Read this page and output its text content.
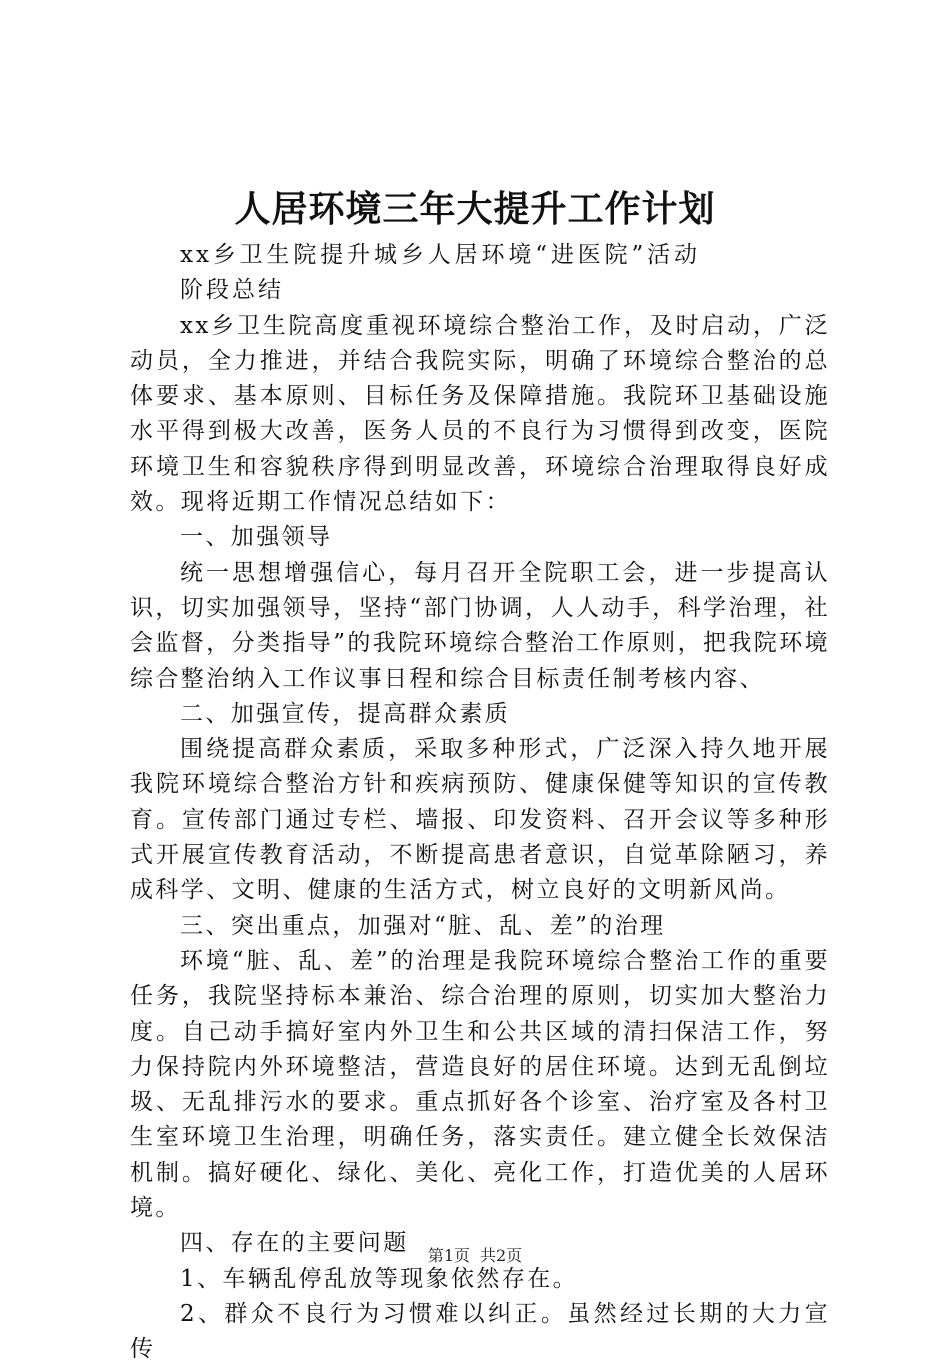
人居环境三年大提升工作计划

xx乡卫生院提升城乡人居环境“进医院”活动阶段总结

xx乡卫生院高度重视环境综合整治工作，及时启动，广泛动员，全力推进，并结合我院实际，明确了环境综合整治的总体要求、基本原则、目标任务及保障措施。我院环卫基础设施水平得到极大改善，医务人员的不良行为习惯得到改变，医院环境卫生和容貌秩序得到明显改善，环境综合治理取得良好成效。现将近期工作情况总结如下：

一、加强领导

统一思想增强信心，每月召开全院职工会，进一步提高认识，切实加强领导，坚持“部门协调，人人动手，科学治理，社会监督，分类指导”的我院环境综合整治工作原则，把我院环境综合整治纳入工作议事日程和综合目标责任制考核内容、

二、加强宣传，提高群众素质

围绕提高群众素质，采取多种形式，广泛深入持久地开展我院环境综合整治方针和疾病预防、健康保健等知识的宣传教育。宣传部门通过专栏、墙报、印发资料、召开会议等多种形式开展宣传教育活动，不断提高患者意识，自觉革除陋习，养成科学、文明、健康的生活方式，树立良好的文明新风尚。

三、突出重点，加强对“脏、乱、差”的治理

环境“脏、乱、差”的治理是我院环境综合整治工作的重要任务，我院坚持标本兼治、综合治理的原则，切实加大整治力度。自己动手搞好室内外卫生和公共区域的清扫保洁工作，努力保持院内外环境整洁，营造良好的居住环境。达到无乱倒垃圾、无乱排污水的要求。重点抓好各个诊室、治疗室及各村卫生室环境卫生治理，明确任务，落实责任。建立健全长效保洁机制。搞好硬化、绿化、美化、亮化工作，打造优美的人居环境。

四、存在的主要问题

1、车辆乱停乱放等现象依然存在。

2、群众不良行为习惯难以纠正。虽然经过长期的大力宣传

第1页 共2页
